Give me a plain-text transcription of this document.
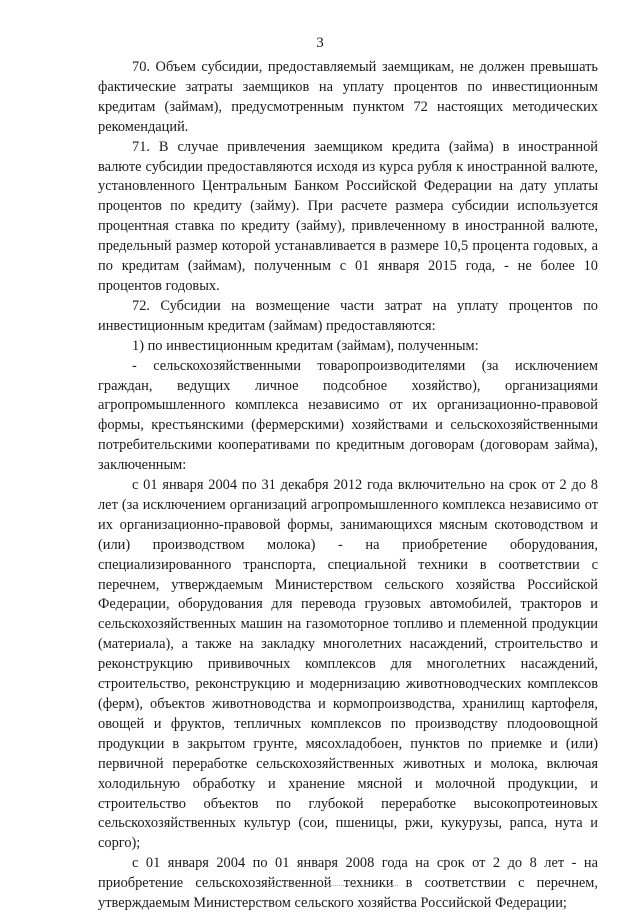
3

70. Объем субсидии, предоставляемый заемщикам, не должен превышать фактические затраты заемщиков на уплату процентов по инвестиционным кредитам (займам), предусмотренным пунктом 72 настоящих методических рекомендаций.

71. В случае привлечения заемщиком кредита (займа) в иностранной валюте субсидии предоставляются исходя из курса рубля к иностранной валюте, установленного Центральным Банком Российской Федерации на дату уплаты процентов по кредиту (займу). При расчете размера субсидии используется процентная ставка по кредиту (займу), привлеченному в иностранной валюте, предельный размер которой устанавливается в размере 10,5 процента годовых, а по кредитам (займам), полученным с 01 января 2015 года, - не более 10 процентов годовых.

72. Субсидии на возмещение части затрат на уплату процентов по инвестиционным кредитам (займам) предоставляются:

1) по инвестиционным кредитам (займам), полученным:

- сельскохозяйственными товаропроизводителями (за исключением граждан, ведущих личное подсобное хозяйство), организациями агропромышленного комплекса независимо от их организационно-правовой формы, крестьянскими (фермерскими) хозяйствами и сельскохозяйственными потребительскими кооперативами по кредитным договорам (договорам займа), заключенным:

с 01 января 2004 по 31 декабря 2012 года включительно на срок от 2 до 8 лет (за исключением организаций агропромышленного комплекса независимо от их организационно-правовой формы, занимающихся мясным скотоводством и (или) производством молока) - на приобретение оборудования, специализированного транспорта, специальной техники в соответствии с перечнем, утверждаемым Министерством сельского хозяйства Российской Федерации, оборудования для перевода грузовых автомобилей, тракторов и сельскохозяйственных машин на газомоторное топливо и племенной продукции (материала), а также на закладку многолетних насаждений, строительство и реконструкцию прививочных комплексов для многолетних насаждений, строительство, реконструкцию и модернизацию животноводческих комплексов (ферм), объектов животноводства и кормопроизводства, хранилищ картофеля, овощей и фруктов, тепличных комплексов по производству плодоовощной продукции в закрытом грунте, мясохладобоен, пунктов по приемке и (или) первичной переработке сельскохозяйственных животных и молока, включая холодильную обработку и хранение мясной и молочной продукции, и строительство объектов по глубокой переработке высокопротеиновых сельскохозяйственных культур (сои, пшеницы, ржи, кукурузы, рапса, нута и сорго);

с 01 января 2004 по 01 января 2008 года на срок от 2 до 8 лет - на приобретение сельскохозяйственной техники в соответствии с перечнем, утверждаемым Министерством сельского хозяйства Российской Федерации;
